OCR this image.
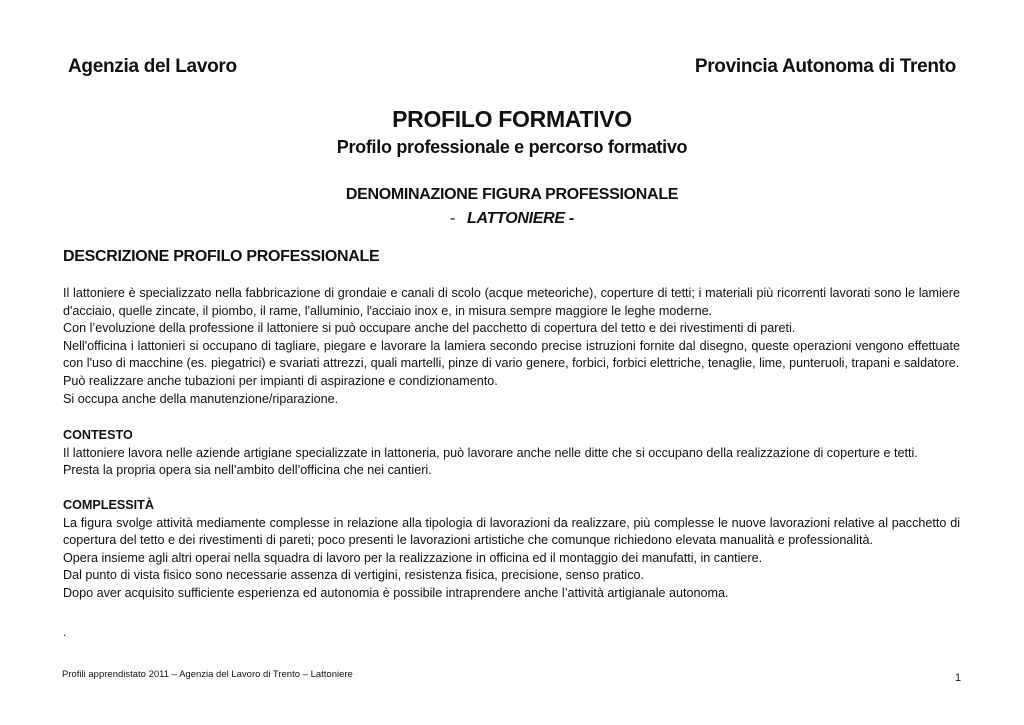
Agenzia del Lavoro	Provincia Autonoma di Trento
PROFILO FORMATIVO
Profilo professionale e percorso formativo
DENOMINAZIONE FIGURA PROFESSIONALE
- LATTONIERE -
DESCRIZIONE PROFILO PROFESSIONALE

Il lattoniere è specializzato nella fabbricazione di grondaie e canali di scolo (acque meteoriche), coperture di tetti; i materiali più ricorrenti lavorati sono le lamiere d'acciaio, quelle zincate, il piombo, il rame, l'alluminio, l'acciaio inox e, in misura sempre maggiore le leghe moderne.

Con l’evoluzione della professione il lattoniere si può occupare anche del pacchetto di copertura del tetto e dei rivestimenti di pareti.

Nell'officina i lattonieri si occupano di tagliare, piegare e lavorare la lamiera secondo precise istruzioni fornite dal disegno, queste operazioni vengono effettuate con l'uso di macchine (es. piegatrici) e svariati attrezzi, quali martelli, pinze di vario genere, forbici, forbici elettriche, tenaglie, lime, punteruoli, trapani e saldatore.

Può realizzare anche tubazioni per impianti di aspirazione e condizionamento.

Si occupa anche della manutenzione/riparazione.

CONTESTO

Il lattoniere lavora nelle aziende artigiane specializzate in lattoneria, può lavorare anche nelle ditte che si occupano della realizzazione di coperture e tetti.

Presta la propria opera sia nell’ambito dell’officina che nei cantieri.

COMPLESSITÀ

La figura svolge attività mediamente complesse in relazione alla tipologia di lavorazioni da realizzare, più complesse le nuove lavorazioni relative al pacchetto di copertura del tetto e dei rivestimenti di pareti; poco presenti le lavorazioni artistiche che comunque richiedono elevata manualità e professionalità.

Opera insieme agli altri operai nella squadra di lavoro per la realizzazione in officina ed il montaggio dei manufatti, in cantiere.

Dal punto di vista fisico sono necessarie assenza di vertigini, resistenza fisica, precisione, senso pratico.

Dopo aver acquisito sufficiente esperienza ed autonomia è possibile intraprendere anche l’attività artigianale autonoma.

.
Profili apprendistato 2011 – Agenzia del Lavoro di Trento – Lattoniere	1
